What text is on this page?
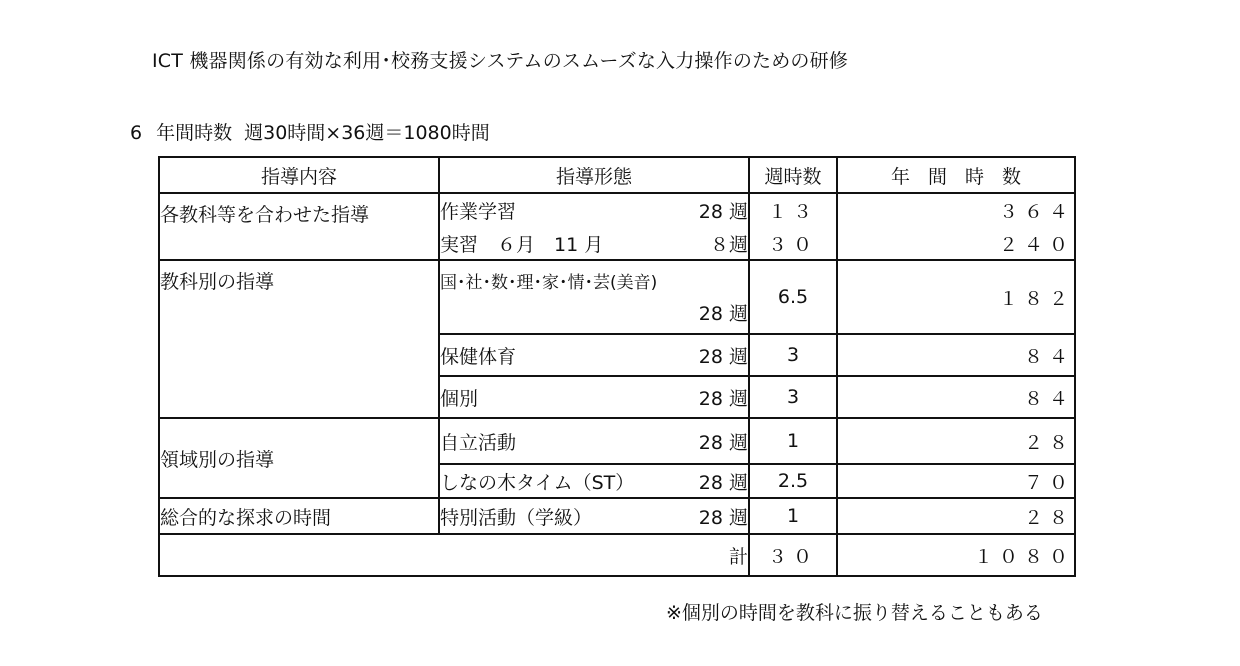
ICT 機器関係の有効な利用･校務支援システムのスムーズな入力操作のための研修
6 年間時数 週30時間×36週＝1080時間
指導内容	指導形態	週時数	年間時数
各教科等を合わせた指導	作業学習 28 週	１３	３６４

	実習　６月　11 月 ８週	３０	２４０
教科別の指導	国･社･数･理･家･情･芸(美音)
28 週	6.5	１８２

	保健体育 28 週	3	８４

	個別 28 週	3	８４
領域別の指導	自立活動 28 週	1	２８

	しなの木タイム（ST） 28 週	2.5	７０
総合的な探求の時間	特別活動（学級） 28 週	1	２８
計		３０	１０８０
※個別の時間を教科に振り替えることもある
